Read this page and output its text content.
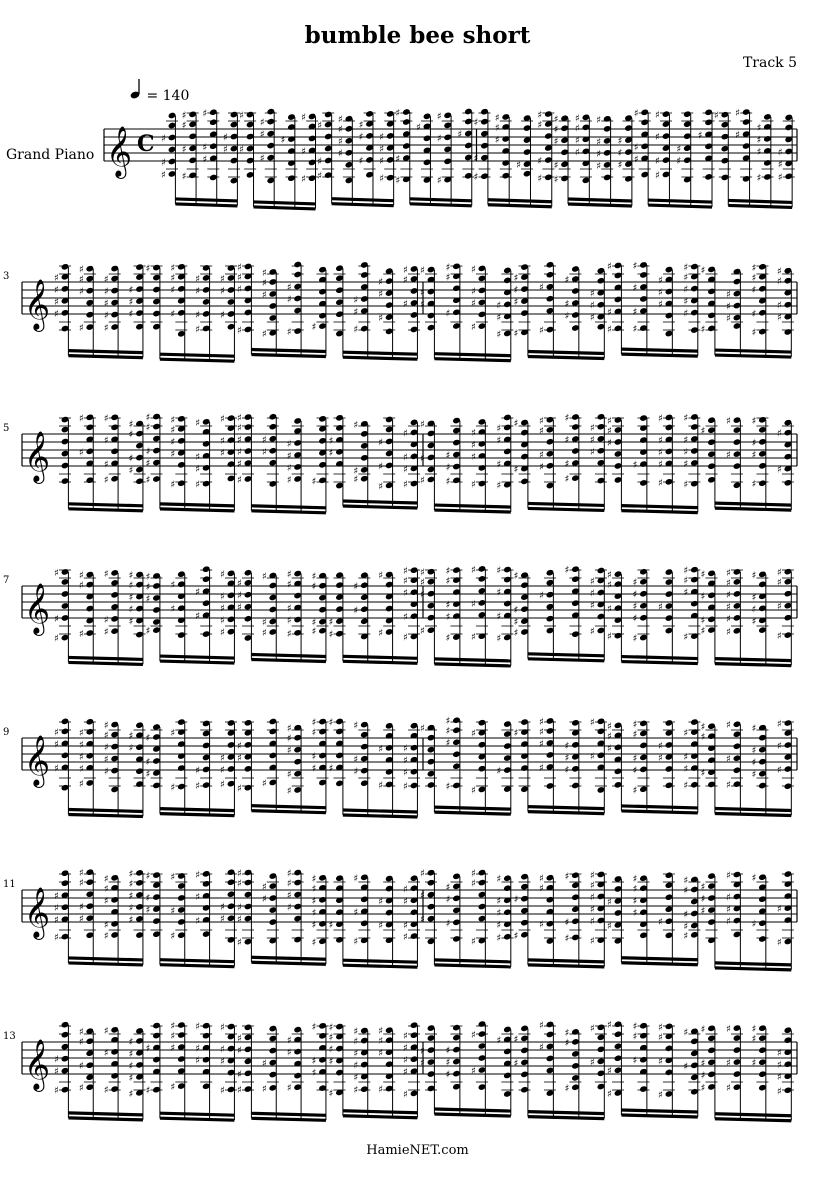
bumble bee short
Track 5
= 140
Grand Piano 𝄞 C ♯
♯
♯
♯
♯
♯
♯
♯
♯
♯
♯
♯
♯
♯
♯
♯
♯
♯
♯
♯
♯
♯
♯
♯
♯
♯
♯
♯
♯
♯
♯
♯
♯
♯
♯
♯
♯
♯
♯
♯
♯
♯
♯
♯
♯
♯
♯
♯
♯
♯
♯
♯
♯
♯
♯
♯
♯
♯
♯
♯
♯
♯
♯
♯
♯
♯
♯
♯
♯
♯
♯
♯
♯
♯
♯
♯
♯
♯
♯
♯
♯ ♯
♯
♯
♯
♯
♯
♯
♯
♯
𝄞
3	♯
♯
♯
♯
♯
♯
♯
♯
♯
♯
♯
♯
♯
♯
♯
♯
♯ ♯
♯
♯
♯
♯
♯
♯
♯
♯
♯
♯
♯
♯
♯
♯
♯
♯
♯
♯
♯
♯
♯ ♯
♯
♯
♯
♯
♯
♯
♯
♯
♯
♯
♯
♯
♯
♯
♯
♯
♯
♯
♯
♯
♯
♯
♯
♯
♯
♯
♯
♯
♯
♯
♯
♯
♯
♯
♯
♯
♯
♯
♯
♯
♯
♯
♯
♯
♯
♯
♯
♯
♯
♯
♯
♯
♯
♯
♯
♯
♯
♯
♯
♯
♯
♯
♯
𝄞
5
♯
♯
♯
♯
♯
♯
♯
♯
♯
♯
♯
♯
♯
♯
♯
♯
♯
♯
♯
♯
♯
♯
♯
♯
♯
♯
♯
♯
♯
♯
♯
♯
♯
♯
♯
♯
♯
♯
♯ ♯
♯
♯
♯
♯
♯
♯
♯
♯
♯
♯
♯
♯
♯
♯
♯
♯
♯
♯
♯
♯
♯
♯
♯
♯
♯
♯
♯
♯
♯
♯
♯
♯
♯
♯
♯
♯
♯
♯
♯
♯
♯
♯
♯
♯
♯
♯
♯
♯
♯
♯
♯
♯
♯
♯
♯
♯
♯
♯
♯
♯
♯
♯
𝄞
7
♯
♯
♯
♯
♯
♯
♯
♯
♯
♯
♯
♯
♯
♯
♯
♯
♯
♯
♯
♯
♯
♯
♯
♯
♯
♯
♯
♯
♯
♯
♯
♯
♯
♯
♯
♯
♯
♯
♯
♯
♯
♯
♯
♯
♯
♯
♯
♯
♯
♯
♯
♯
♯
♯
♯
♯
♯
♯
♯
♯
♯
♯
♯
♯
♯
♯
♯
♯
♯
♯
♯
♯
♯
♯
♯
♯
♯
♯
♯
♯
♯
♯
♯
♯
♯
♯
♯
♯
♯
♯
♯
♯
♯
♯
♯
♯
♯
♯
♯
♯
♯
♯
♯
♯
♯
♯
♯
♯
♯
♯
♯
𝄞
9	♯
♯
♯
♯
♯
♯
♯
♯
♯
♯
♯
♯
♯
♯
♯
♯
♯
♯
♯
♯
♯
♯
♯
♯
♯
♯
♯
♯ ♯
♯
♯
♯
♯
♯
♯
♯
♯
♯
♯
♯
♯
♯
♯
♯
♯
♯
♯
♯
♯
♯
♯
♯
♯
♯
♯
♯
♯
♯
♯
♯
♯
♯
♯
♯
♯
♯
♯
♯
♯
♯
♯
♯
♯
♯
♯
♯
♯
♯
♯
♯
♯
♯
♯
♯
♯
♯
♯
♯
♯
♯
♯
♯
♯
♯
𝄞
11
♯
♯
♯
♯
♯
♯
♯
♯
♯
♯
♯
♯
♯
♯
♯
♯
♯
♯
♯
♯
♯
♯
♯
♯
♯
♯
♯
♯
♯
♯
♯
♯
♯
♯
♯
♯
♯
♯
♯
♯
♯
♯
♯
♯
♯
♯
♯
♯
♯
♯
♯
♯
♯
♯
♯
♯
♯
♯
♯
♯
♯
♯
♯
♯
♯
♯
♯
♯
♯
♯
♯
♯
♯
♯
♯
♯
♯
♯
♯
♯
♯
♯
♯
♯
♯
♯
♯
♯
♯
♯
♯
♯
♯
♯
♯
♯
♯
♯
♯
♯
♯
♯
♯
♯
♯
♯
♯
𝄞
13
♯
♯
♯
♯
♯
♯
♯
♯
♯
♯
♯
♯
♯
♯
♯
♯
♯
♯
♯
♯
♯
♯
♯
♯
♯
♯
♯
♯
♯
♯
♯
♯
♯
♯
♯
♯
♯
♯
♯
♯
♯
♯
♯
♯
♯
♯
♯
♯
♯
♯
♯
♯
♯
♯
♯
♯
♯
♯
♯
♯
♯
♯
♯
♯
♯
♯
♯
♯ ♯
♯
♯
♯
♯
♯
♯
♯
♯
♯
♯
♯
♯
♯
♯
♯
♯
♯
♯
♯
♯
♯
♯
♯
♯
♯
♯
♯
♯
♯
♯
♯
♯
♯
♯
HamieNET.com
